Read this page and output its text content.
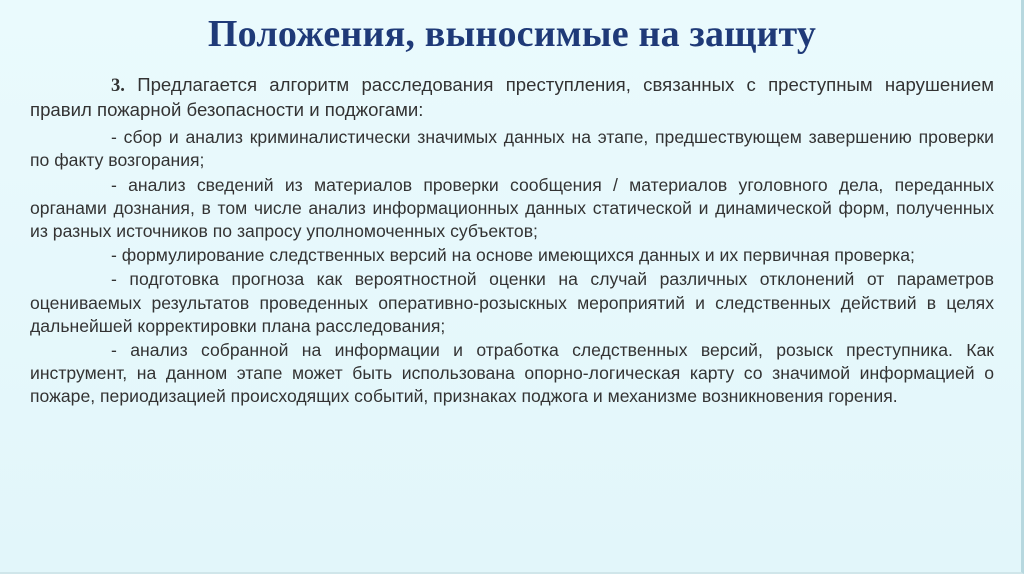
Положения, выносимые на защиту

3. Предлагается алгоритм расследования преступления, связанных с преступным нарушением правил пожарной безопасности и поджогами:

- сбор и анализ криминалистически значимых данных на этапе, предшествующем завершению проверки по факту возгорания;

- анализ сведений из материалов проверки сообщения / материалов уголовного дела, переданных органами дознания, в том числе анализ информационных данных статической и динамической форм, полученных из разных источников по запросу уполномоченных субъектов;

- формулирование следственных версий на основе имеющихся данных и их первичная проверка;

- подготовка прогноза как вероятностной оценки на случай различных отклонений от параметров оцениваемых результатов проведенных оперативно-розыскных мероприятий и следственных действий в целях дальнейшей корректировки плана расследования;

- анализ собранной на информации и отработка следственных версий, розыск преступника. Как инструмент, на данном этапе может быть использована опорно-логическая карту со значимой информацией о пожаре, периодизацией происходящих событий, признаках поджога и механизме возникновения горения.
